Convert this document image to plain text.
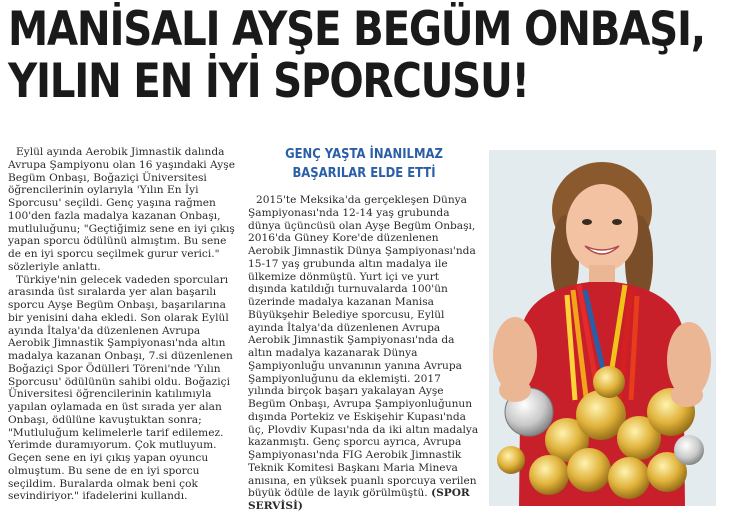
MANİSALI AYŞE BEGÜM ONBAŞI,
YILIN EN İYİ SPORCUSU!

Eylül ayında Aerobik Jimnastik dalında Avrupa Şampiyonu olan 16 yaşındaki Ayşe Begüm Onbaşı, Boğaziçi Üniversitesi öğrencilerinin oylarıyla 'Yılın En İyi Sporcusu' seçildi. Genç yaşına rağmen 100'den fazla madalya kazanan Onbaşı, mutluluğunu; "Geçtiğimiz sene en iyi çıkış yapan sporcu ödülünü almıştım. Bu sene de en iyi sporcu seçilmek gurur verici." sözleriyle anlattı.

Türkiye'nin gelecek vadeden sporcuları arasında üst sıralarda yer alan başarılı sporcu Ayşe Begüm Onbaşı, başarılarına bir yenisini daha ekledi. Son olarak Eylül ayında İtalya'da düzenlenen Avrupa Aerobik Jimnastik Şampiyonası'nda altın madalya kazanan Onbaşı, 7.si düzenlenen Boğaziçi Spor Ödülleri Töreni'nde 'Yılın Sporcusu' ödülünün sahibi oldu. Boğaziçi Üniversitesi öğrencilerinin katılımıyla yapılan oylamada en üst sırada yer alan Onbaşı, ödülüne kavuştuktan sonra; "Mutluluğum kelimelerle tarif edilemez. Yerimde duramıyorum. Çok mutluyum. Geçen sene en iyi çıkış yapan oyuncu olmuştum. Bu sene de en iyi sporcu seçildim. Buralarda olmak beni çok sevindiriyor." ifadelerini kullandı.

GENÇ YAŞTA İNANILMAZ
BAŞARILAR ELDE ETTİ

2015'te Meksika'da gerçekleşen Dünya Şampiyonası'nda 12-14 yaş grubunda dünya üçüncüsü olan Ayşe Begüm Onbaşı, 2016'da Güney Kore'de düzenlenen Aerobik Jimnastik Dünya Şampiyonası'nda 15-17 yaş grubunda altın madalya ile ülkemize dönmüştü. Yurt içi ve yurt dışında katıldığı turnuvalarda 100'ün üzerinde madalya kazanan Manisa Büyükşehir Belediye sporcusu, Eylül ayında İtalya'da düzenlenen Avrupa Aerobik Jimnastik Şampiyonası'nda da altın madalya kazanarak Dünya Şampiyonluğu unvanının yanına Avrupa Şampiyonluğunu da eklemişti. 2017 yılında birçok başarı yakalayan Ayşe Begüm Onbaşı, Avrupa Şampiyonluğunun dışında Portekiz ve Eskişehir Kupası'nda üç, Plovdiv Kupası'nda da iki altın madalya kazanmıştı. Genç sporcu ayrıca, Avrupa Şampiyonası'nda FIG Aerobik Jimnastik Teknik Komitesi Başkanı Maria Mineva anısına, en yüksek puanlı sporcuya verilen büyük ödüle de layık görülmüştü. (SPOR SERVİSİ)
